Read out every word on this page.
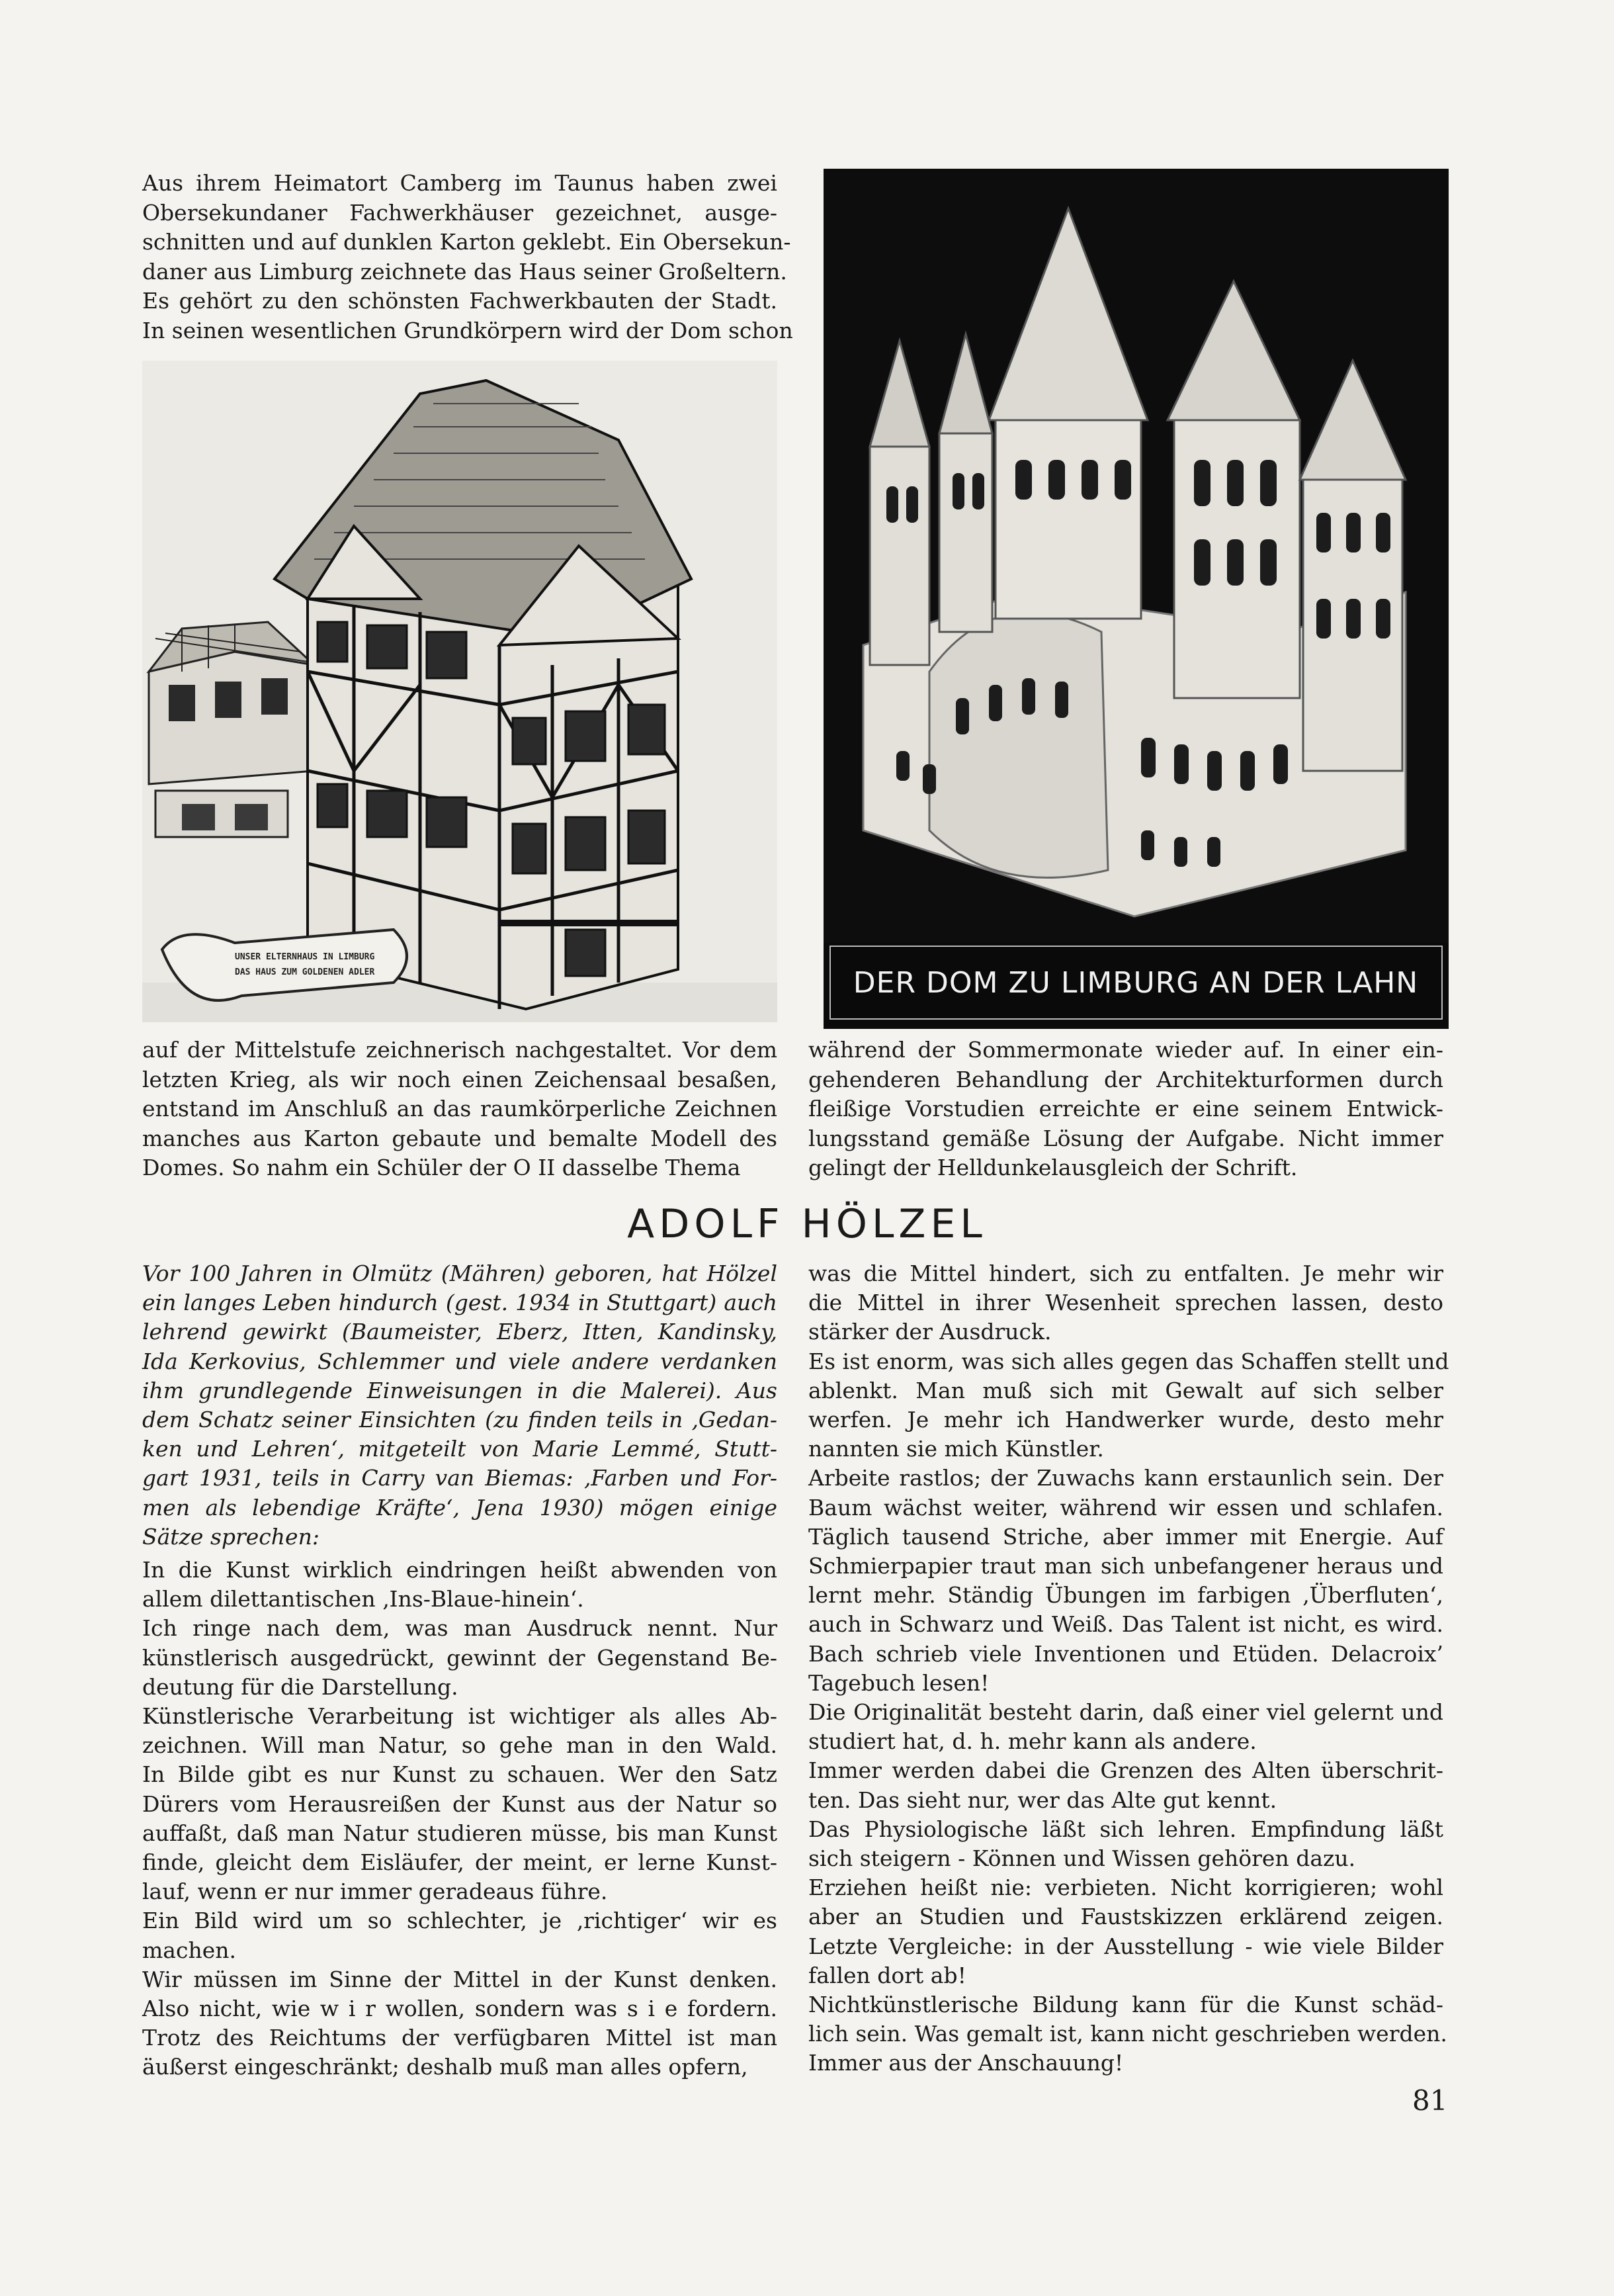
Aus ihrem Heimatort Camberg im Taunus haben zwei
Obersekundaner Fachwerkhäuser gezeichnet, ausge-
schnitten und auf dunklen Karton geklebt. Ein Obersekun-
daner aus Limburg zeichnete das Haus seiner Großeltern.
Es gehört zu den schönsten Fachwerkbauten der Stadt.
In seinen wesentlichen Grundkörpern wird der Dom schon
UNSER ELTERNHAUS IN LIMBURG
DAS HAUS ZUM GOLDENEN ADLER	DER DOM ZU LIMBURG AN DER LAHN
auf der Mittelstufe zeichnerisch nachgestaltet. Vor dem
letzten Krieg, als wir noch einen Zeichensaal besaßen,
entstand im Anschluß an das raumkörperliche Zeichnen
manches aus Karton gebaute und bemalte Modell des
Domes. So nahm ein Schüler der O II dasselbe Thema
während der Sommermonate wieder auf. In einer ein-
gehenderen Behandlung der Architekturformen durch
fleißige Vorstudien erreichte er eine seinem Entwick-
lungsstand gemäße Lösung der Aufgabe. Nicht immer
gelingt der Helldunkelausgleich der Schrift.
ADOLF HÖLZEL
Vor 100 Jahren in Olmütz (Mähren) geboren, hat Hölzel
ein langes Leben hindurch (gest. 1934 in Stuttgart) auch
lehrend gewirkt (Baumeister, Eberz, Itten, Kandinsky,
Ida Kerkovius, Schlemmer und viele andere verdanken
ihm grundlegende Einweisungen in die Malerei). Aus
dem Schatz seiner Einsichten (zu finden teils in ‚Gedan-
ken und Lehren‘, mitgeteilt von Marie Lemmé, Stutt-
gart 1931, teils in Carry van Biemas: ‚Farben und For-
men als lebendige Kräfte‘, Jena 1930) mögen einige
Sätze sprechen:
In die Kunst wirklich eindringen heißt abwenden von
allem dilettantischen ‚Ins-Blaue-hinein‘.
Ich ringe nach dem, was man Ausdruck nennt. Nur
künstlerisch ausgedrückt, gewinnt der Gegenstand Be-
deutung für die Darstellung.
Künstlerische Verarbeitung ist wichtiger als alles Ab-
zeichnen. Will man Natur, so gehe man in den Wald.
In Bilde gibt es nur Kunst zu schauen. Wer den Satz
Dürers vom Herausreißen der Kunst aus der Natur so
auffaßt, daß man Natur studieren müsse, bis man Kunst
finde, gleicht dem Eisläufer, der meint, er lerne Kunst-
lauf, wenn er nur immer geradeaus führe.
Ein Bild wird um so schlechter, je ‚richtiger‘ wir es
machen.
Wir müssen im Sinne der Mittel in der Kunst denken.
Also nicht, wie w i r wollen, sondern was s i e fordern.
Trotz des Reichtums der verfügbaren Mittel ist man
äußerst eingeschränkt; deshalb muß man alles opfern,
was die Mittel hindert, sich zu entfalten. Je mehr wir
die Mittel in ihrer Wesenheit sprechen lassen, desto
stärker der Ausdruck.
Es ist enorm, was sich alles gegen das Schaffen stellt und
ablenkt. Man muß sich mit Gewalt auf sich selber
werfen. Je mehr ich Handwerker wurde, desto mehr
nannten sie mich Künstler.
Arbeite rastlos; der Zuwachs kann erstaunlich sein. Der
Baum wächst weiter, während wir essen und schlafen.
Täglich tausend Striche, aber immer mit Energie. Auf
Schmierpapier traut man sich unbefangener heraus und
lernt mehr. Ständig Übungen im farbigen ‚Überfluten‘,
auch in Schwarz und Weiß. Das Talent ist nicht, es wird.
Bach schrieb viele Inventionen und Etüden. Delacroix’
Tagebuch lesen!
Die Originalität besteht darin, daß einer viel gelernt und
studiert hat, d. h. mehr kann als andere.
Immer werden dabei die Grenzen des Alten überschrit-
ten. Das sieht nur, wer das Alte gut kennt.
Das Physiologische läßt sich lehren. Empfindung läßt
sich steigern - Können und Wissen gehören dazu.
Erziehen heißt nie: verbieten. Nicht korrigieren; wohl
aber an Studien und Faustskizzen erklärend zeigen.
Letzte Vergleiche: in der Ausstellung - wie viele Bilder
fallen dort ab!
Nichtkünstlerische Bildung kann für die Kunst schäd-
lich sein. Was gemalt ist, kann nicht geschrieben werden.
Immer aus der Anschauung!
81
